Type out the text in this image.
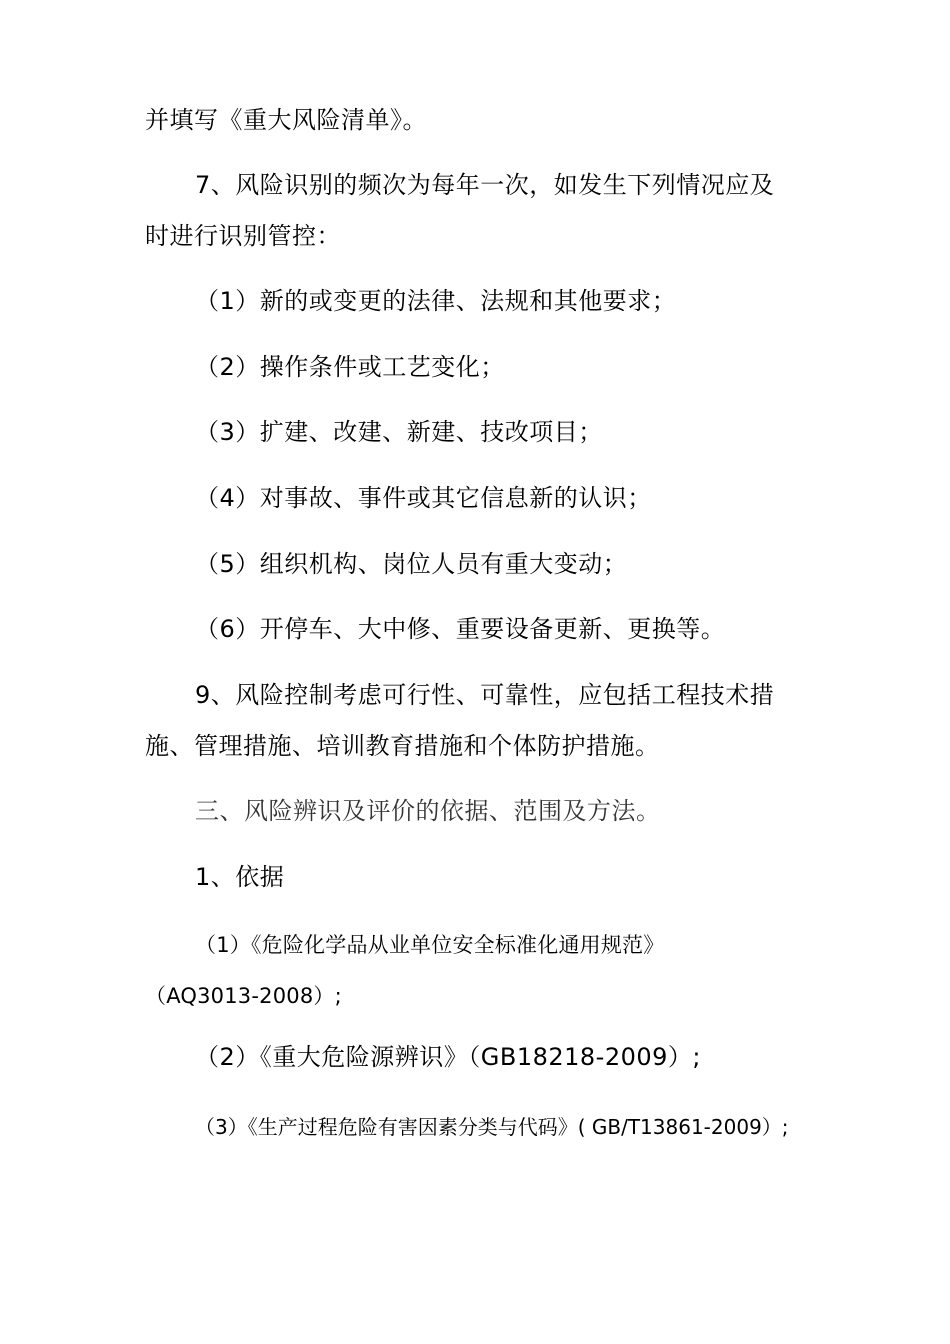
并填写《重大风险清单》。
7、风险识别的频次为每年一次，如发生下列情况应及
时进行识别管控：
（1）新的或变更的法律、法规和其他要求；
（2）操作条件或工艺变化；
（3）扩建、改建、新建、技改项目；
（4）对事故、事件或其它信息新的认识；
（5）组织机构、岗位人员有重大变动；
（6）开停车、大中修、重要设备更新、更换等。
9、风险控制考虑可行性、可靠性，应包括工程技术措
施、管理措施、培训教育措施和个体防护措施。
三、风险辨识及评价的依据、范围及方法。
1、依据
（1）《危险化学品从业单位安全标准化通用规范》
（AQ3013-2008）;
（2）《重大危险源辨识》（GB18218-2009）;
（3）《生产过程危险有害因素分类与代码》( GB/T13861-2009）;
